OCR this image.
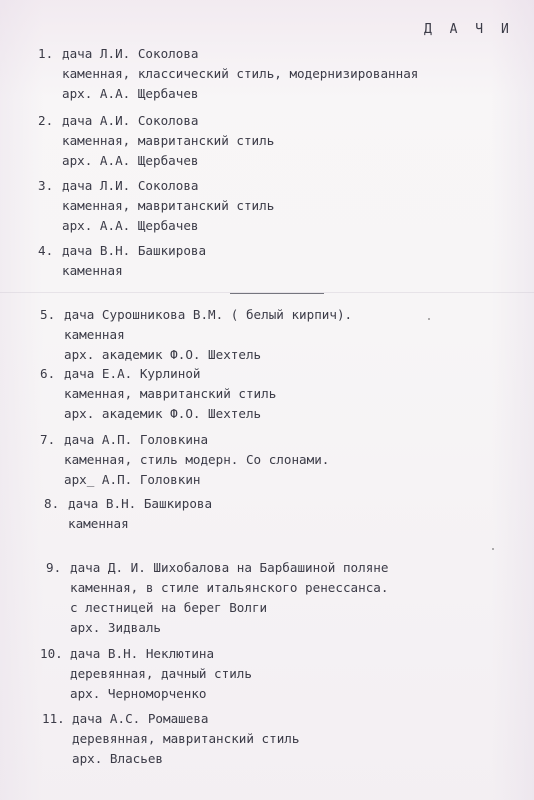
Д А Ч И
1. дача Л.И. Соколова
каменная, классический стиль, модернизированная
арх. А.А. Щербачев
2. дача А.И. Соколова
каменная, мавританский стиль
арх. А.А. Щербачев
3. дача Л.И. Соколова
каменная, мавританский стиль
арх. А.А. Щербачев
4. дача В.Н. Башкирова
каменная
5. дача Сурошникова В.М. ( белый кирпич).
каменная
арх. академик Ф.О. Шехтель
6. дача Е.А. Курлиной
каменная, мавританский стиль
арх. академик Ф.О. Шехтель
7. дача А.П. Головкина
каменная, стиль модерн. Со слонами.
арх_ А.П. Головкин
8. дача В.Н. Башкирова
каменная
9. дача Д. И. Шихобалова на Барбашиной поляне
каменная, в стиле итальянского ренессанса.
с лестницей на берег Волги
арх. Зидваль
10. дача В.Н. Неклютина
деревянная, дачный стиль
арх. Черноморченко
11. дача А.С. Ромашева
деревянная, мавританский стиль
арх. Власьев
